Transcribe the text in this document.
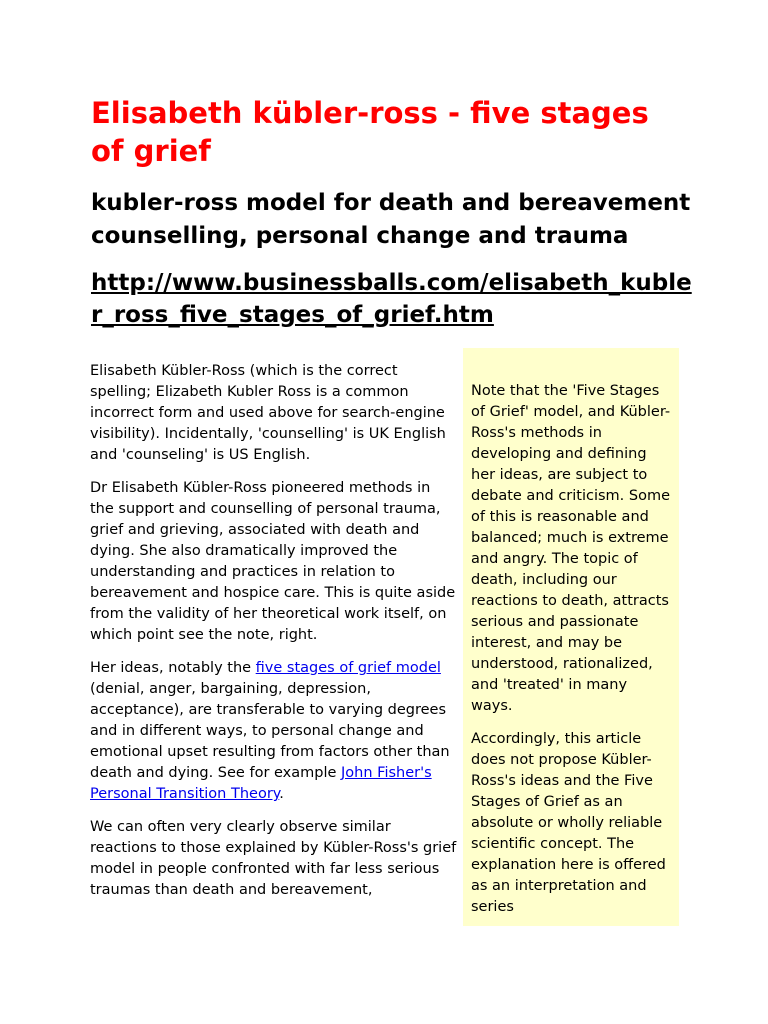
Elisabeth kübler-ross - five stages of grief
kubler-ross model for death and bereavement counselling, personal change and trauma
http://www.businessballs.com/elisabeth_kubler_ross_five_stages_of_grief.htm

Elisabeth Kübler-Ross (which is the correct spelling; Elizabeth Kubler Ross is a common incorrect form and used above for search-engine visibility). Incidentally, 'counselling' is UK English and 'counseling' is US English.

Dr Elisabeth Kübler-Ross pioneered methods in the support and counselling of personal trauma, grief and grieving, associated with death and dying. She also dramatically improved the understanding and practices in relation to bereavement and hospice care. This is quite aside from the validity of her theoretical work itself, on which point see the note, right.

Her ideas, notably the five stages of grief model (denial, anger, bargaining, depression, acceptance), are transferable to varying degrees and in different ways, to personal change and emotional upset resulting from factors other than death and dying. See for example John Fisher's Personal Transition Theory.

We can often very clearly observe similar reactions to those explained by Kübler-Ross's grief model in people confronted with far less serious traumas than death and bereavement,

Note that the 'Five Stages of Grief' model, and Kübler-Ross's methods in developing and defining her ideas, are subject to debate and criticism. Some of this is reasonable and balanced; much is extreme and angry. The topic of death, including our reactions to death, attracts serious and passionate interest, and may be understood, rationalized, and 'treated' in many ways.

Accordingly, this article does not propose Kübler-Ross's ideas and the Five Stages of Grief as an absolute or wholly reliable scientific concept. The explanation here is offered as an interpretation and series
